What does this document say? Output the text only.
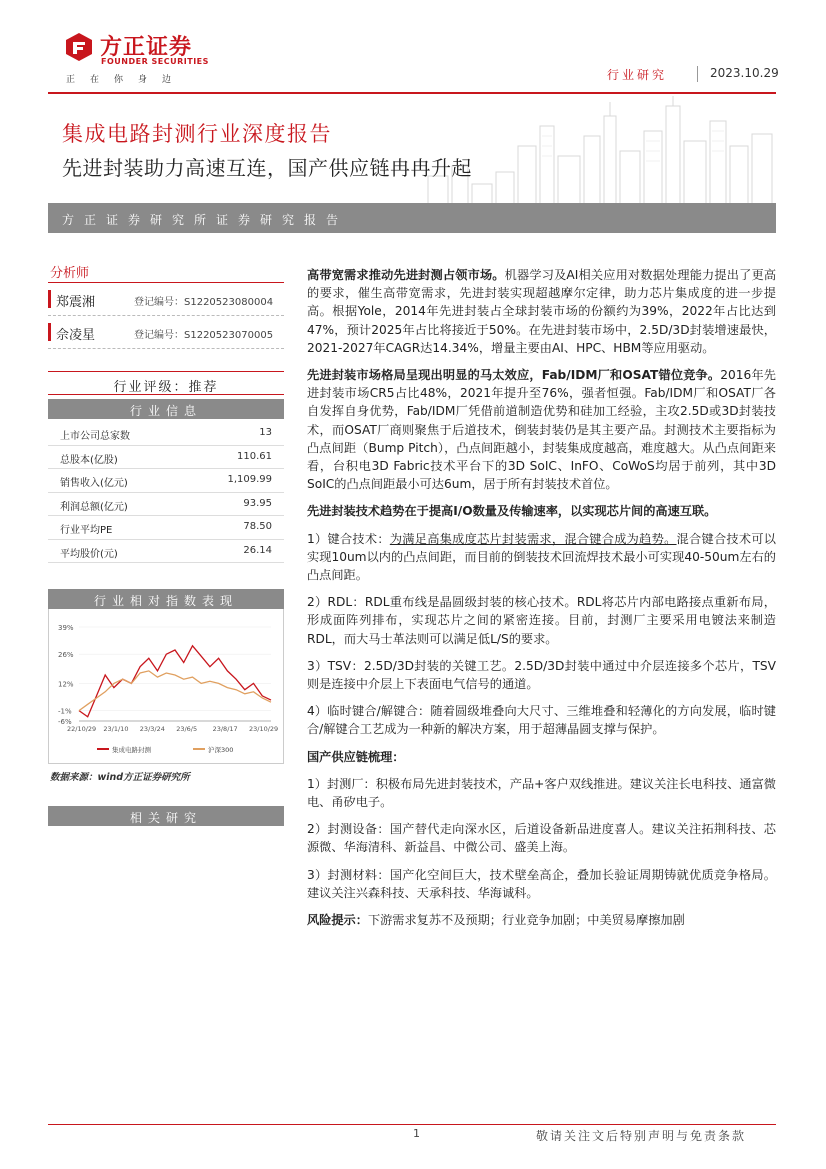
方正证券
FOUNDER SECURITIES
正在你身边	行业研究	2023.10.29
集成电路封测行业深度报告
先进封装助力高速互连，国产供应链冉冉升起
方正证券研究所证券研究报告
分析师
郑震湘	登记编号：S1220523080004
佘凌星	登记编号：S1220523070005
行业评级：推荐
行业信息
上市公司总家数	13
总股本(亿股)	110.61
销售收入(亿元)	1,109.99
利润总额(亿元)	93.95
行业平均PE	78.50
平均股价(元)	26.14
行业相对指数表现
39%
26%
12%
-1%
-6%
22/10/29 23/1/10 23/3/24 23/6/5 23/8/17 23/10/29
集成电路封测	沪深300
数据来源：wind方正证券研究所
相关研究

高带宽需求推动先进封测占领市场。机器学习及AI相关应用对数据处理能力提出了更高的要求，催生高带宽需求，先进封装实现超越摩尔定律，助力芯片集成度的进一步提高。根据Yole，2014年先进封装占全球封装市场的份额约为39%，2022年占比达到47%，预计2025年占比将接近于50%。在先进封装市场中，2.5D/3D封装增速最快，2021-2027年CAGR达14.34%，增量主要由AI、HPC、HBM等应用驱动。

先进封装市场格局呈现出明显的马太效应，Fab/IDM厂和OSAT错位竞争。2016年先进封装市场CR5占比48%，2021年提升至76%，强者恒强。Fab/IDM厂和OSAT厂各自发挥自身优势，Fab/IDM厂凭借前道制造优势和硅加工经验，主攻2.5D或3D封装技术，而OSAT厂商则聚焦于后道技术，倒装封装仍是其主要产品。封测技术主要指标为凸点间距（Bump Pitch），凸点间距越小，封装集成度越高，难度越大。从凸点间距来看，台积电3D Fabric技术平台下的3D SoIC、InFO、CoWoS均居于前列，其中3D SoIC的凸点间距最小可达6um，居于所有封装技术首位。

先进封装技术趋势在于提高I/O数量及传输速率，以实现芯片间的高速互联。

1）键合技术：为满足高集成度芯片封装需求，混合键合成为趋势。混合键合技术可以实现10um以内的凸点间距，而目前的倒装技术回流焊技术最小可实现40-50um左右的凸点间距。

2）RDL：RDL重布线是晶圆级封装的核心技术。RDL将芯片内部电路接点重新布局，形成面阵列排布，实现芯片之间的紧密连接。目前，封测厂主要采用电镀法来制造RDL，而大马士革法则可以满足低L/S的要求。

3）TSV：2.5D/3D封装的关键工艺。2.5D/3D封装中通过中介层连接多个芯片，TSV则是连接中介层上下表面电气信号的通道。

4）临时键合/解键合：随着圆级堆叠向大尺寸、三维堆叠和轻薄化的方向发展，临时键合/解键合工艺成为一种新的解决方案，用于超薄晶圆支撑与保护。

国产供应链梳理：

1）封测厂：积极布局先进封装技术，产品+客户双线推进。建议关注长电科技、通富微电、甬矽电子。

2）封测设备：国产替代走向深水区，后道设备新品进度喜人。建议关注拓荆科技、芯源微、华海清科、新益昌、中微公司、盛美上海。

3）封测材料：国产化空间巨大，技术壁垒高企，叠加长验证周期铸就优质竞争格局。建议关注兴森科技、天承科技、华海诚科。

风险提示：下游需求复苏不及预期；行业竞争加剧；中美贸易摩擦加剧

1	敬请关注文后特别声明与免责条款
